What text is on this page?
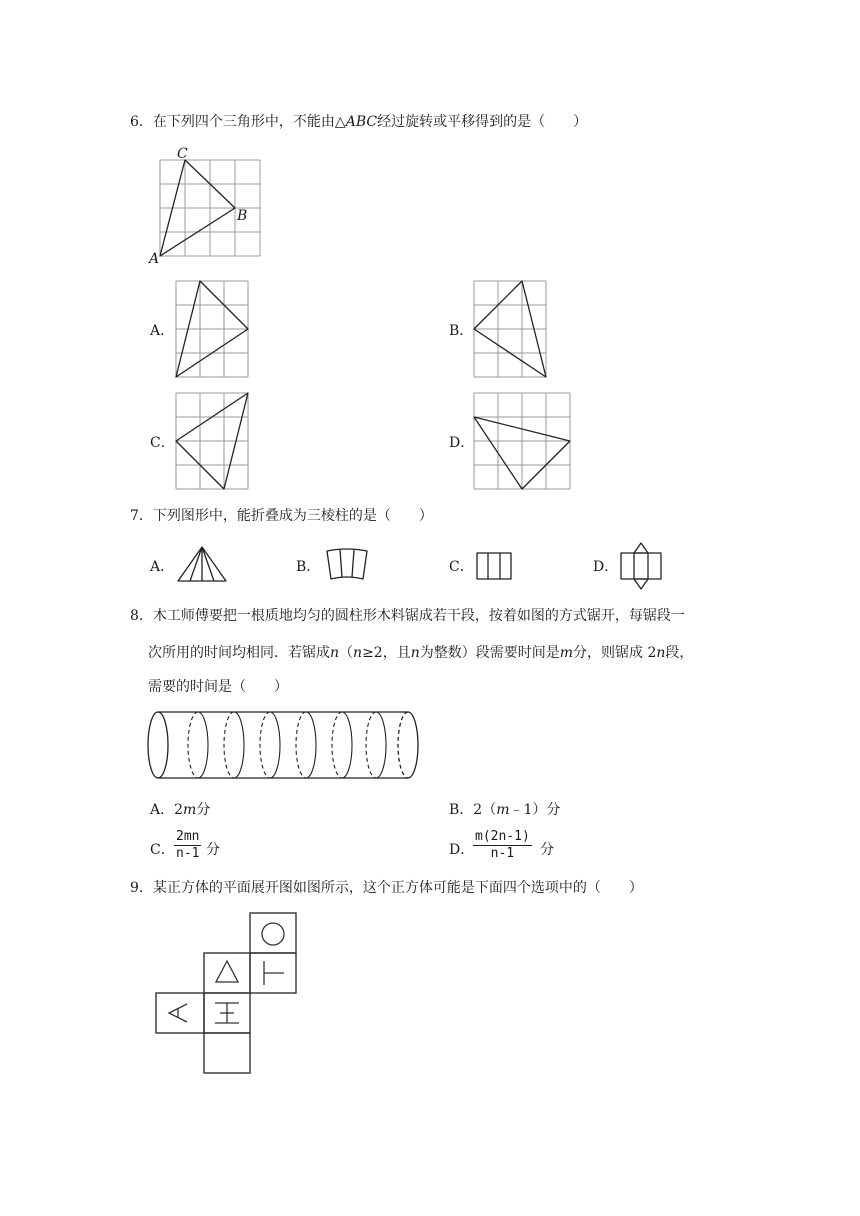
6．在下列四个三角形中，不能由△ABC经过旋转或平移得到的是（　　）
C
B
A
A．	B．
C．	D．
7．下列图形中，能折叠成为三棱柱的是（　　）
A．	B．	C．	D．
8．木工师傅要把一根质地均匀的圆柱形木料锯成若干段，按着如图的方式锯开，每锯段一
次所用的时间均相同．若锯成n（n≥2，且n为整数）段需要时间是m分，则锯成 2n段，
需要的时间是（　　）
A．2m分	B．2（m﹣1）分
C． $\frac{2mn}{n-1}$ 分	D．
$\frac{m(2n-1)}{n-1}$ 分
9．某正方体的平面展开图如图所示，这个正方体可能是下面四个选项中的（　　）
